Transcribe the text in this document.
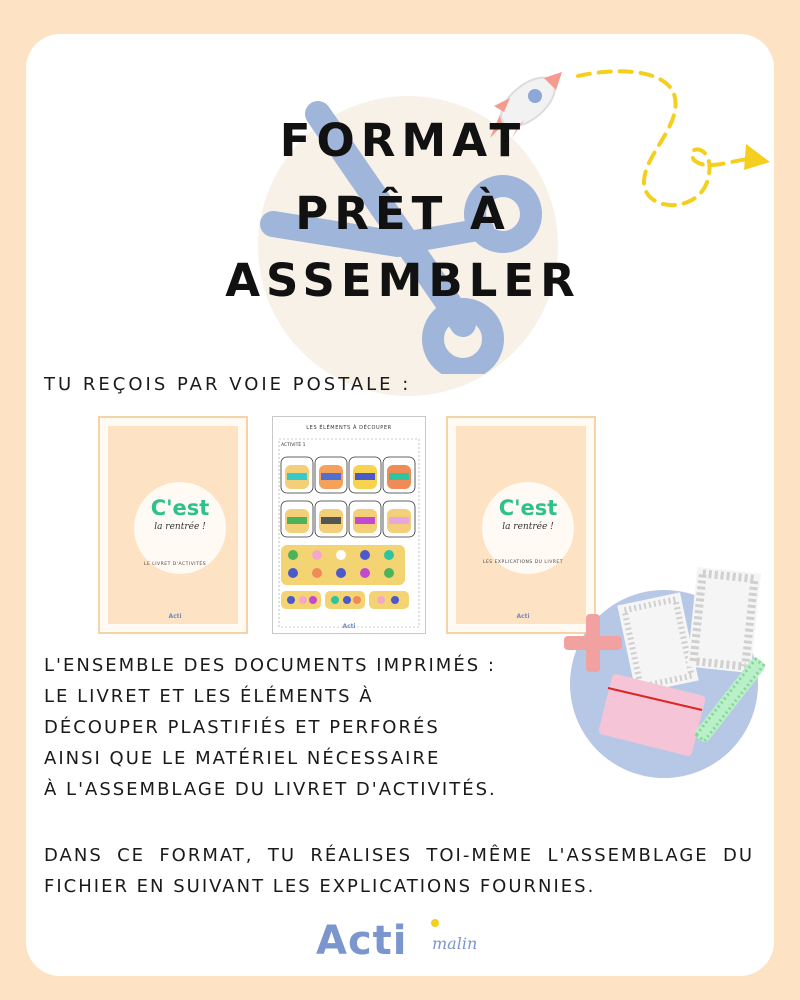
FORMAT
PRÊT À
ASSEMBLER

TU REÇOIS PAR VOIE POSTALE :

C'est
la rentrée !
LE LIVRET D'ACTIVITÉS
Acti
LES ÉLÉMENTS À DÉCOUPER
ACTIVITÉ 1
Acti
C'est
la rentrée !
LES EXPLICATIONS DU LIVRET
Acti

L'ENSEMBLE DES DOCUMENTS IMPRIMÉS :
LE LIVRET ET LES ÉLÉMENTS À
DÉCOUPER PLASTIFIÉS ET PERFORÉS
AINSI QUE LE MATÉRIEL NÉCESSAIRE
À L'ASSEMBLAGE DU LIVRET D'ACTIVITÉS.

DANS CE FORMAT, TU RÉALISES TOI-MÊME L'ASSEMBLAGE DU FICHIER EN SUIVANT LES EXPLICATIONS FOURNIES.

Acti malin
